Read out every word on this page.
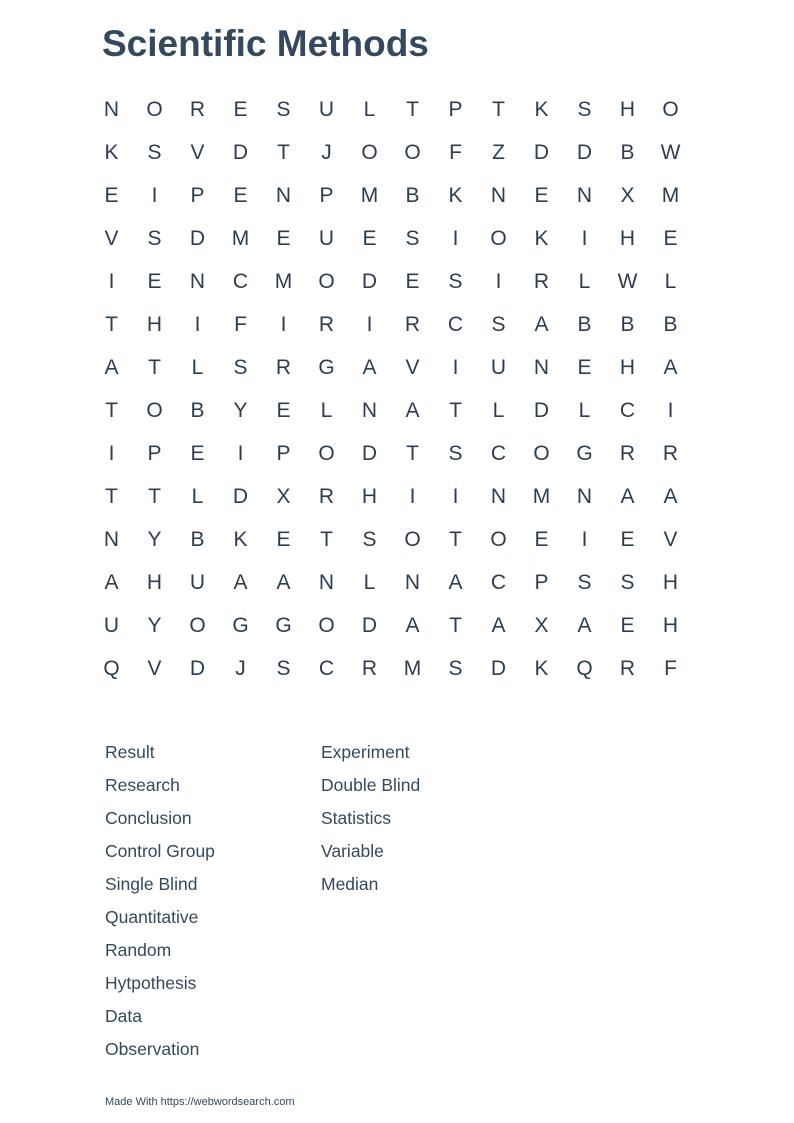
Scientific Methods
N	O	R	E	S	U	L	T	P	T	K	S	H	O
K	S	V	D	T	J	O	O	F	Z	D	D	B	W
E	I	P	E	N	P	M	B	K	N	E	N	X	M
V	S	D	M	E	U	E	S	I	O	K	I	H	E
I	E	N	C	M	O	D	E	S	I	R	L	W	L
T	H	I	F	I	R	I	R	C	S	A	B	B	B
A	T	L	S	R	G	A	V	I	U	N	E	H	A
T	O	B	Y	E	L	N	A	T	L	D	L	C	I
I	P	E	I	P	O	D	T	S	C	O	G	R	R
T	T	L	D	X	R	H	I	I	N	M	N	A	A
N	Y	B	K	E	T	S	O	T	O	E	I	E	V
A	H	U	A	A	N	L	N	A	C	P	S	S	H
U	Y	O	G	G	O	D	A	T	A	X	A	E	H
Q	V	D	J	S	C	R	M	S	D	K	Q	R	F
Result
Research
Conclusion
Control Group
Single Blind
Quantitative
Random
Hytpothesis
Data
Observation
Experiment
Double Blind
Statistics
Variable
Median
Made With https://webwordsearch.com
